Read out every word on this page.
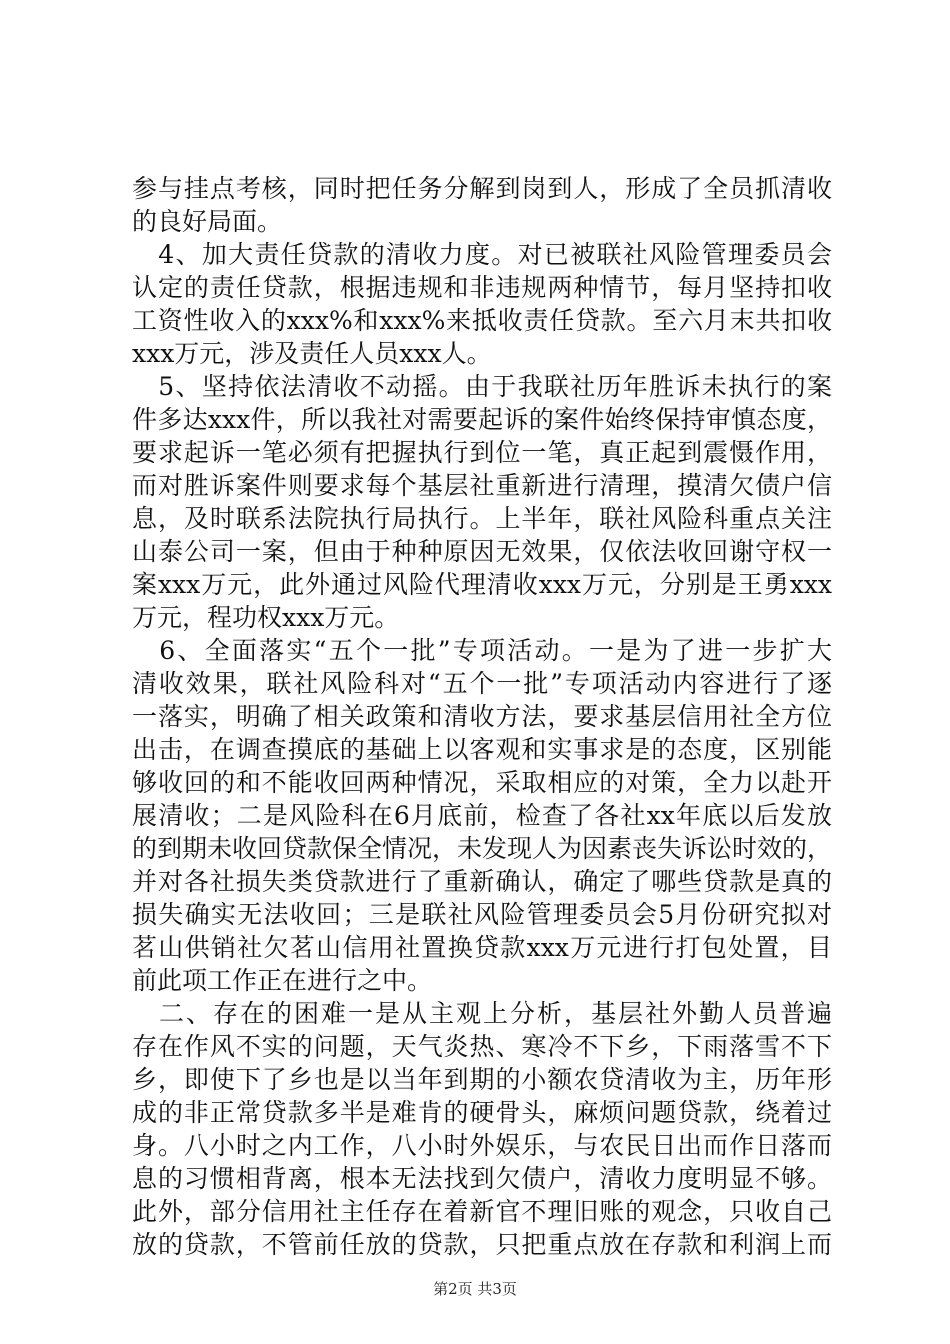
参与挂点考核，同时把任务分解到岗到人，形成了全员抓清收
的良好局面。
　4、加大责任贷款的清收力度。对已被联社风险管理委员会
认定的责任贷款，根据违规和非违规两种情节，每月坚持扣收
工资性收入的xxx%和xxx%来抵收责任贷款。至六月末共扣收
xxx万元，涉及责任人员xxx人。
　5、坚持依法清收不动摇。由于我联社历年胜诉未执行的案
件多达xxx件，所以我社对需要起诉的案件始终保持审慎态度，
要求起诉一笔必须有把握执行到位一笔，真正起到震慑作用，
而对胜诉案件则要求每个基层社重新进行清理，摸清欠债户信
息，及时联系法院执行局执行。上半年，联社风险科重点关注
山泰公司一案，但由于种种原因无效果，仅依法收回谢守权一
案xxx万元，此外通过风险代理清收xxx万元，分别是王勇xxx
万元，程功权xxx万元。
　6、全面落实“五个一批”专项活动。一是为了进一步扩大
清收效果，联社风险科对“五个一批”专项活动内容进行了逐
一落实，明确了相关政策和清收方法，要求基层信用社全方位
出击，在调查摸底的基础上以客观和实事求是的态度，区别能
够收回的和不能收回两种情况，采取相应的对策，全力以赴开
展清收；二是风险科在6月底前，检查了各社xx年底以后发放
的到期未收回贷款保全情况，未发现人为因素丧失诉讼时效的，
并对各社损失类贷款进行了重新确认，确定了哪些贷款是真的
损失确实无法收回；三是联社风险管理委员会5月份研究拟对
茗山供销社欠茗山信用社置换贷款xxx万元进行打包处置，目
前此项工作正在进行之中。
　二、存在的困难一是从主观上分析，基层社外勤人员普遍
存在作风不实的问题，天气炎热、寒冷不下乡，下雨落雪不下
乡，即使下了乡也是以当年到期的小额农贷清收为主，历年形
成的非正常贷款多半是难肯的硬骨头，麻烦问题贷款，绕着过
身。八小时之内工作，八小时外娱乐，与农民日出而作日落而
息的习惯相背离，根本无法找到欠债户，清收力度明显不够。
此外，部分信用社主任存在着新官不理旧账的观念，只收自己
放的贷款，不管前任放的贷款，只把重点放在存款和利润上而
第2页 共3页
